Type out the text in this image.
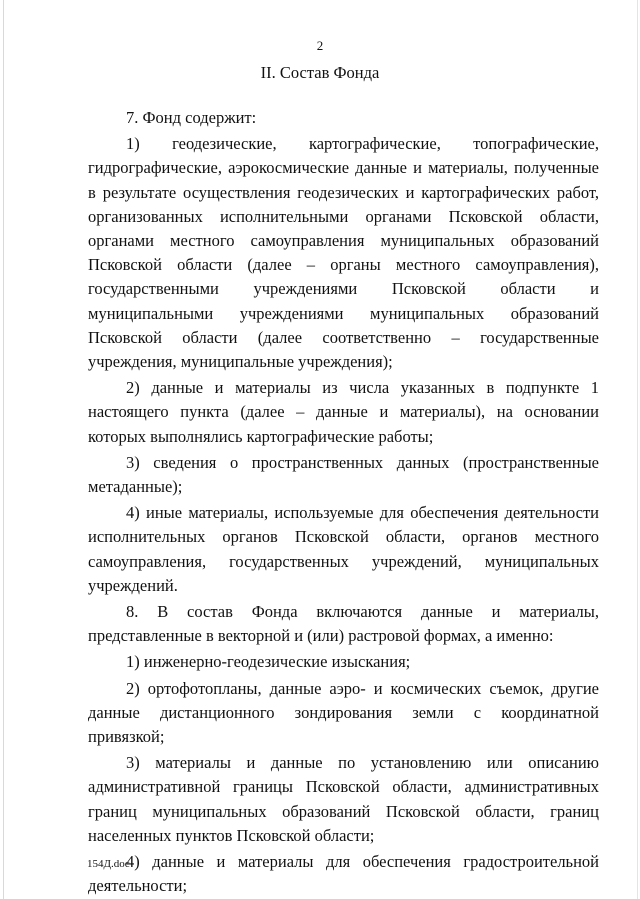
2
II. Состав Фонда

7. Фонд содержит:

1) геодезические, картографические, топографические, гидрографические, аэрокосмические данные и материалы, полученные в результате осуществления геодезических и картографических работ, организованных исполнительными органами Псковской области, органами местного самоуправления муниципальных образований Псковской области (далее – органы местного самоуправления), государственными учреждениями Псковской области и муниципальными учреждениями муниципальных образований Псковской области (далее соответственно – государственные учреждения, муниципальные учреждения);

2) данные и материалы из числа указанных в подпункте 1 настоящего пункта (далее – данные и материалы), на основании которых выполнялись картографические работы;

3) сведения о пространственных данных (пространственные метаданные);

4) иные материалы, используемые для обеспечения деятельности исполнительных органов Псковской области, органов местного самоуправления, государственных учреждений, муниципальных учреждений.

8. В состав Фонда включаются данные и материалы, представленные в векторной и (или) растровой формах, а именно:

1) инженерно-геодезические изыскания;

2) ортофотопланы, данные аэро- и космических съемок, другие данные дистанционного зондирования земли с координатной привязкой;

3) материалы и данные по установлению или описанию административной границы Псковской области, административных границ муниципальных образований Псковской области, границ населенных пунктов Псковской области;

4) данные и материалы для обеспечения градостроительной деятельности;

154Д.doc
